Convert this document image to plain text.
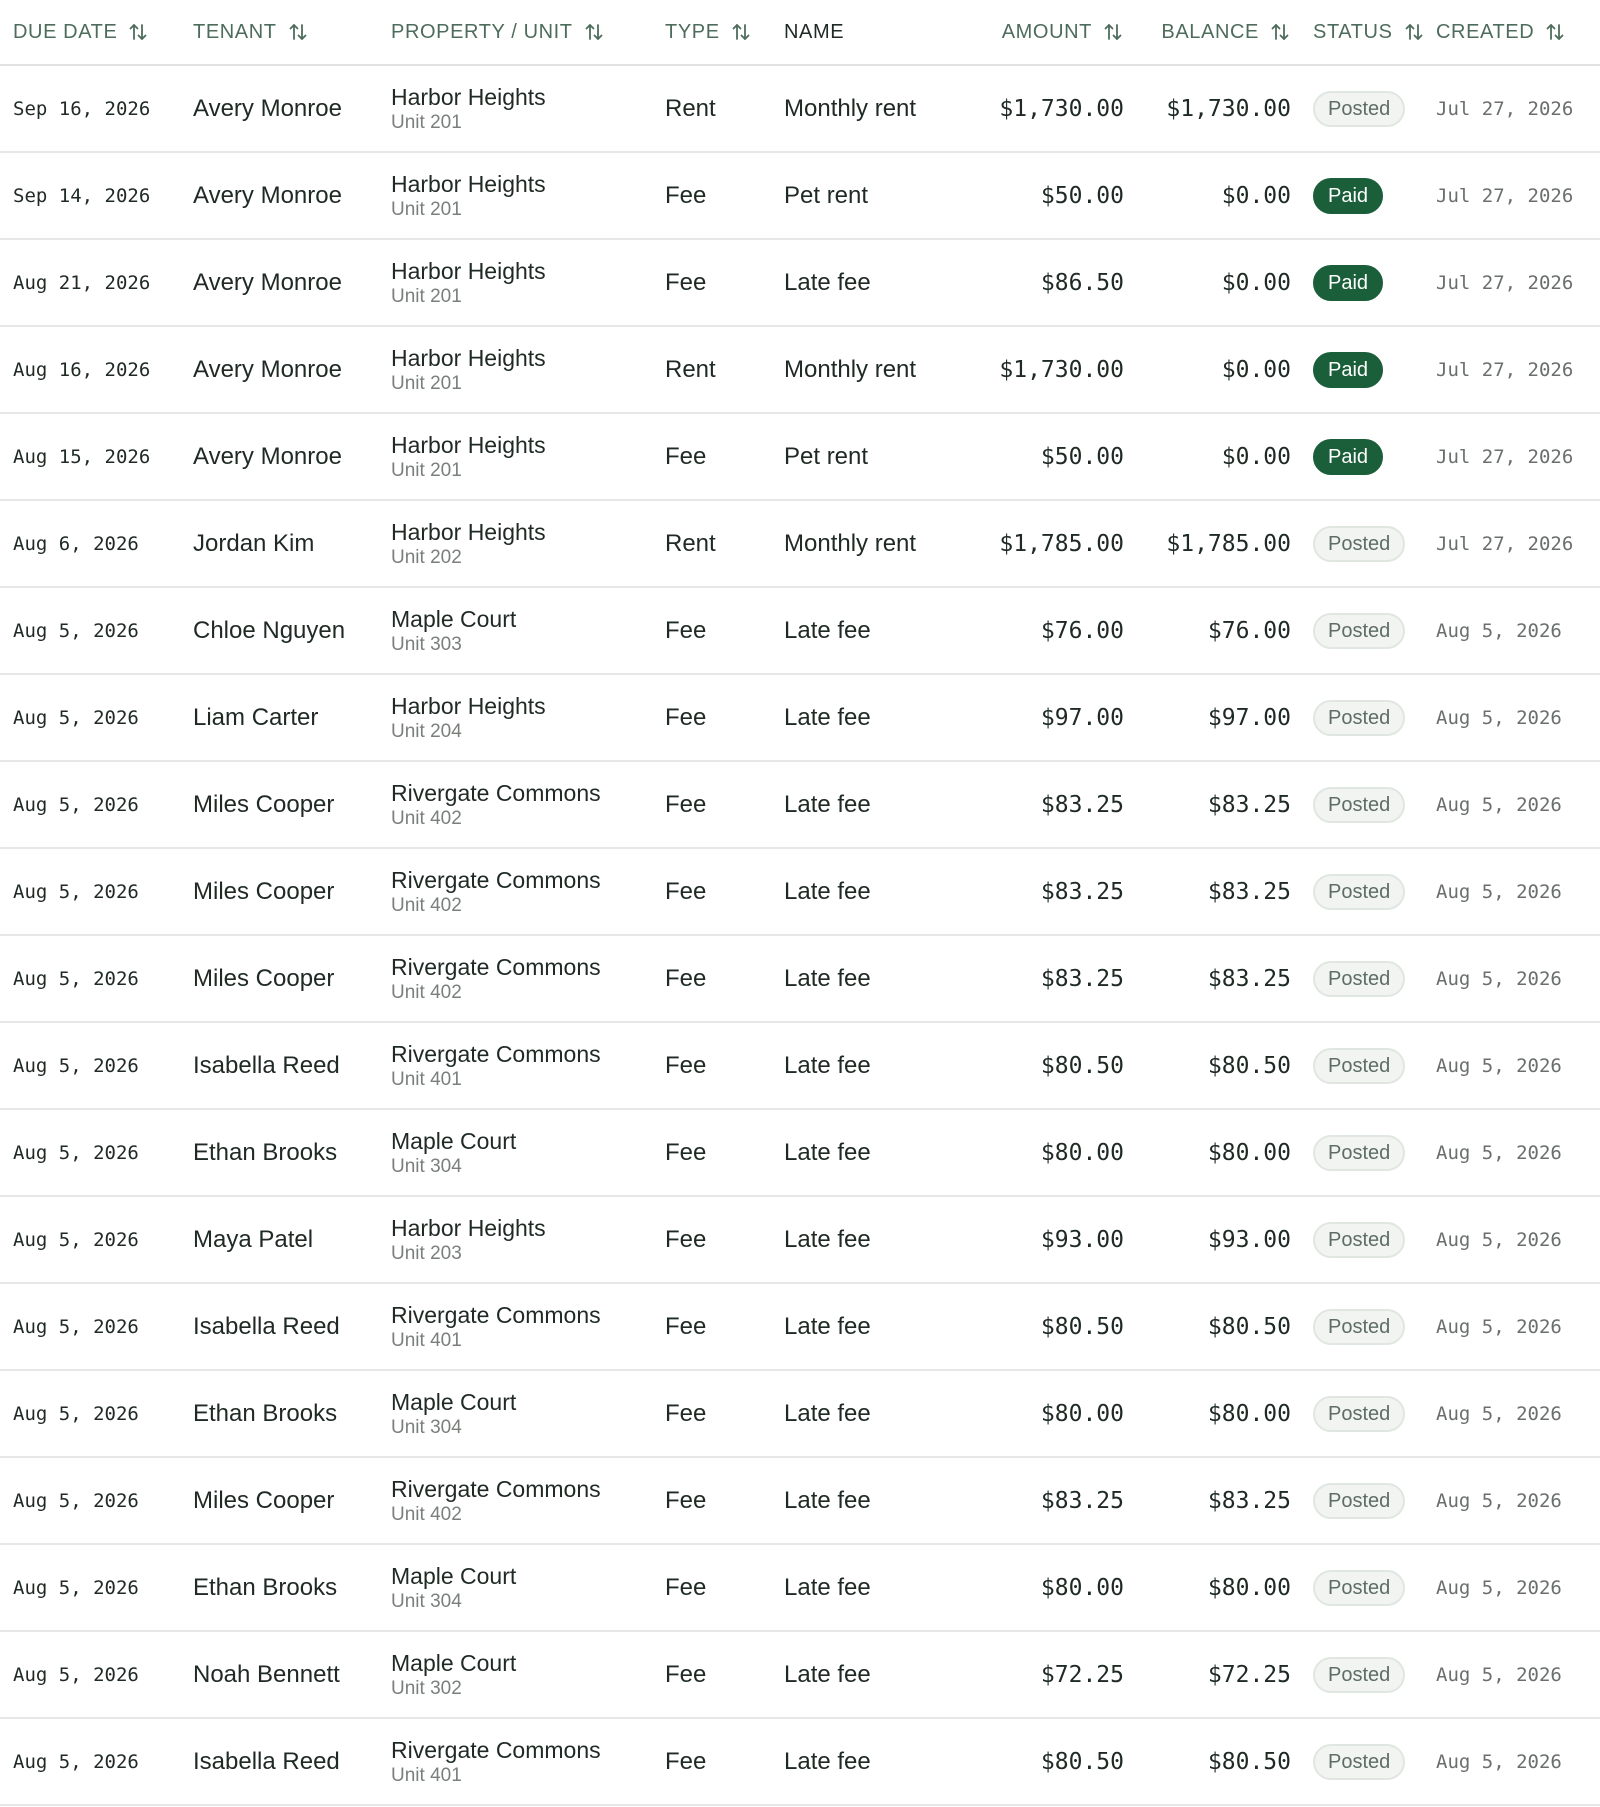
DUE DATE	TENANT	PROPERTY / UNIT	TYPE	NAME	AMOUNT	BALANCE	STATUS CREATED
Sep 16, 2026	Avery Monroe	Harbor Heights
Unit 201
Rent	Monthly rent	$1,730.00	$1,730.00	Posted	Jul 27, 2026
Sep 14, 2026	Avery Monroe	Harbor Heights
Unit 201
Fee	Pet rent	$50.00	$0.00	Paid	Jul 27, 2026
Aug 21, 2026	Avery Monroe	Harbor Heights
Unit 201
Fee	Late fee	$86.50	$0.00	Paid	Jul 27, 2026
Aug 16, 2026	Avery Monroe	Harbor Heights
Unit 201
Rent	Monthly rent	$1,730.00	$0.00	Paid	Jul 27, 2026
Aug 15, 2026	Avery Monroe	Harbor Heights
Unit 201
Fee	Pet rent	$50.00	$0.00	Paid	Jul 27, 2026
Aug 6, 2026	Jordan Kim	Harbor Heights
Unit 202
Rent	Monthly rent	$1,785.00	$1,785.00	Posted	Jul 27, 2026
Aug 5, 2026	Chloe Nguyen	Maple Court
Unit 303
Fee	Late fee	$76.00	$76.00	Posted	Aug 5, 2026
Aug 5, 2026	Liam Carter	Harbor Heights
Unit 204
Fee	Late fee	$97.00	$97.00	Posted	Aug 5, 2026
Aug 5, 2026	Miles Cooper	Rivergate Commons
Unit 402
Fee	Late fee	$83.25	$83.25	Posted	Aug 5, 2026
Aug 5, 2026	Miles Cooper	Rivergate Commons
Unit 402
Fee	Late fee	$83.25	$83.25	Posted	Aug 5, 2026
Aug 5, 2026	Miles Cooper	Rivergate Commons
Unit 402
Fee	Late fee	$83.25	$83.25	Posted	Aug 5, 2026
Aug 5, 2026	Isabella Reed	Rivergate Commons
Unit 401
Fee	Late fee	$80.50	$80.50	Posted	Aug 5, 2026
Aug 5, 2026	Ethan Brooks	Maple Court
Unit 304
Fee	Late fee	$80.00	$80.00	Posted	Aug 5, 2026
Aug 5, 2026	Maya Patel	Harbor Heights
Unit 203
Fee	Late fee	$93.00	$93.00	Posted	Aug 5, 2026
Aug 5, 2026	Isabella Reed	Rivergate Commons
Unit 401
Fee	Late fee	$80.50	$80.50	Posted	Aug 5, 2026
Aug 5, 2026	Ethan Brooks	Maple Court
Unit 304
Fee	Late fee	$80.00	$80.00	Posted	Aug 5, 2026
Aug 5, 2026	Miles Cooper	Rivergate Commons
Unit 402
Fee	Late fee	$83.25	$83.25	Posted	Aug 5, 2026
Aug 5, 2026	Ethan Brooks	Maple Court
Unit 304
Fee	Late fee	$80.00	$80.00	Posted	Aug 5, 2026
Aug 5, 2026	Noah Bennett	Maple Court
Unit 302
Fee	Late fee	$72.25	$72.25	Posted	Aug 5, 2026
Aug 5, 2026	Isabella Reed	Rivergate Commons
Unit 401
Fee	Late fee	$80.50	$80.50	Posted	Aug 5, 2026
